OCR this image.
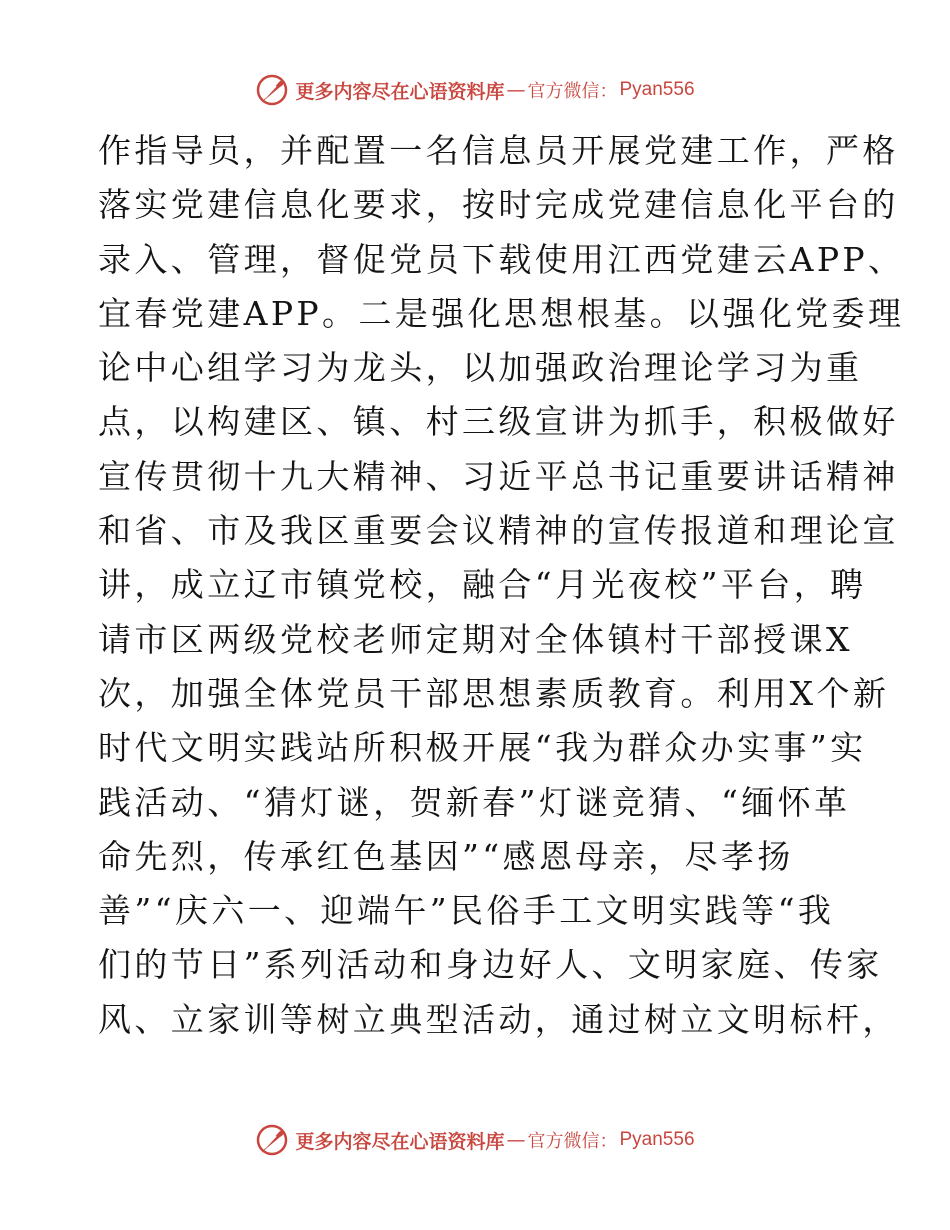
更多内容尽在心语资料库 — 官方微信： Pyan556
作指导员，并配置一名信息员开展党建工作，严格
落实党建信息化要求，按时完成党建信息化平台的
录入、管理，督促党员下载使用江西党建云APP、
宜春党建APP。二是强化思想根基。以强化党委理
论中心组学习为龙头，以加强政治理论学习为重
点，以构建区、镇、村三级宣讲为抓手，积极做好
宣传贯彻十九大精神、习近平总书记重要讲话精神
和省、市及我区重要会议精神的宣传报道和理论宣
讲，成立辽市镇党校，融合“月光夜校”平台，聘
请市区两级党校老师定期对全体镇村干部授课X
次，加强全体党员干部思想素质教育。利用X个新
时代文明实践站所积极开展“我为群众办实事”实
践活动、“猜灯谜，贺新春”灯谜竞猜、“缅怀革
命先烈，传承红色基因”“感恩母亲，尽孝扬
善”“庆六一、迎端午”民俗手工文明实践等“我
们的节日”系列活动和身边好人、文明家庭、传家
风、立家训等树立典型活动，通过树立文明标杆，
更多内容尽在心语资料库 — 官方微信： Pyan556
